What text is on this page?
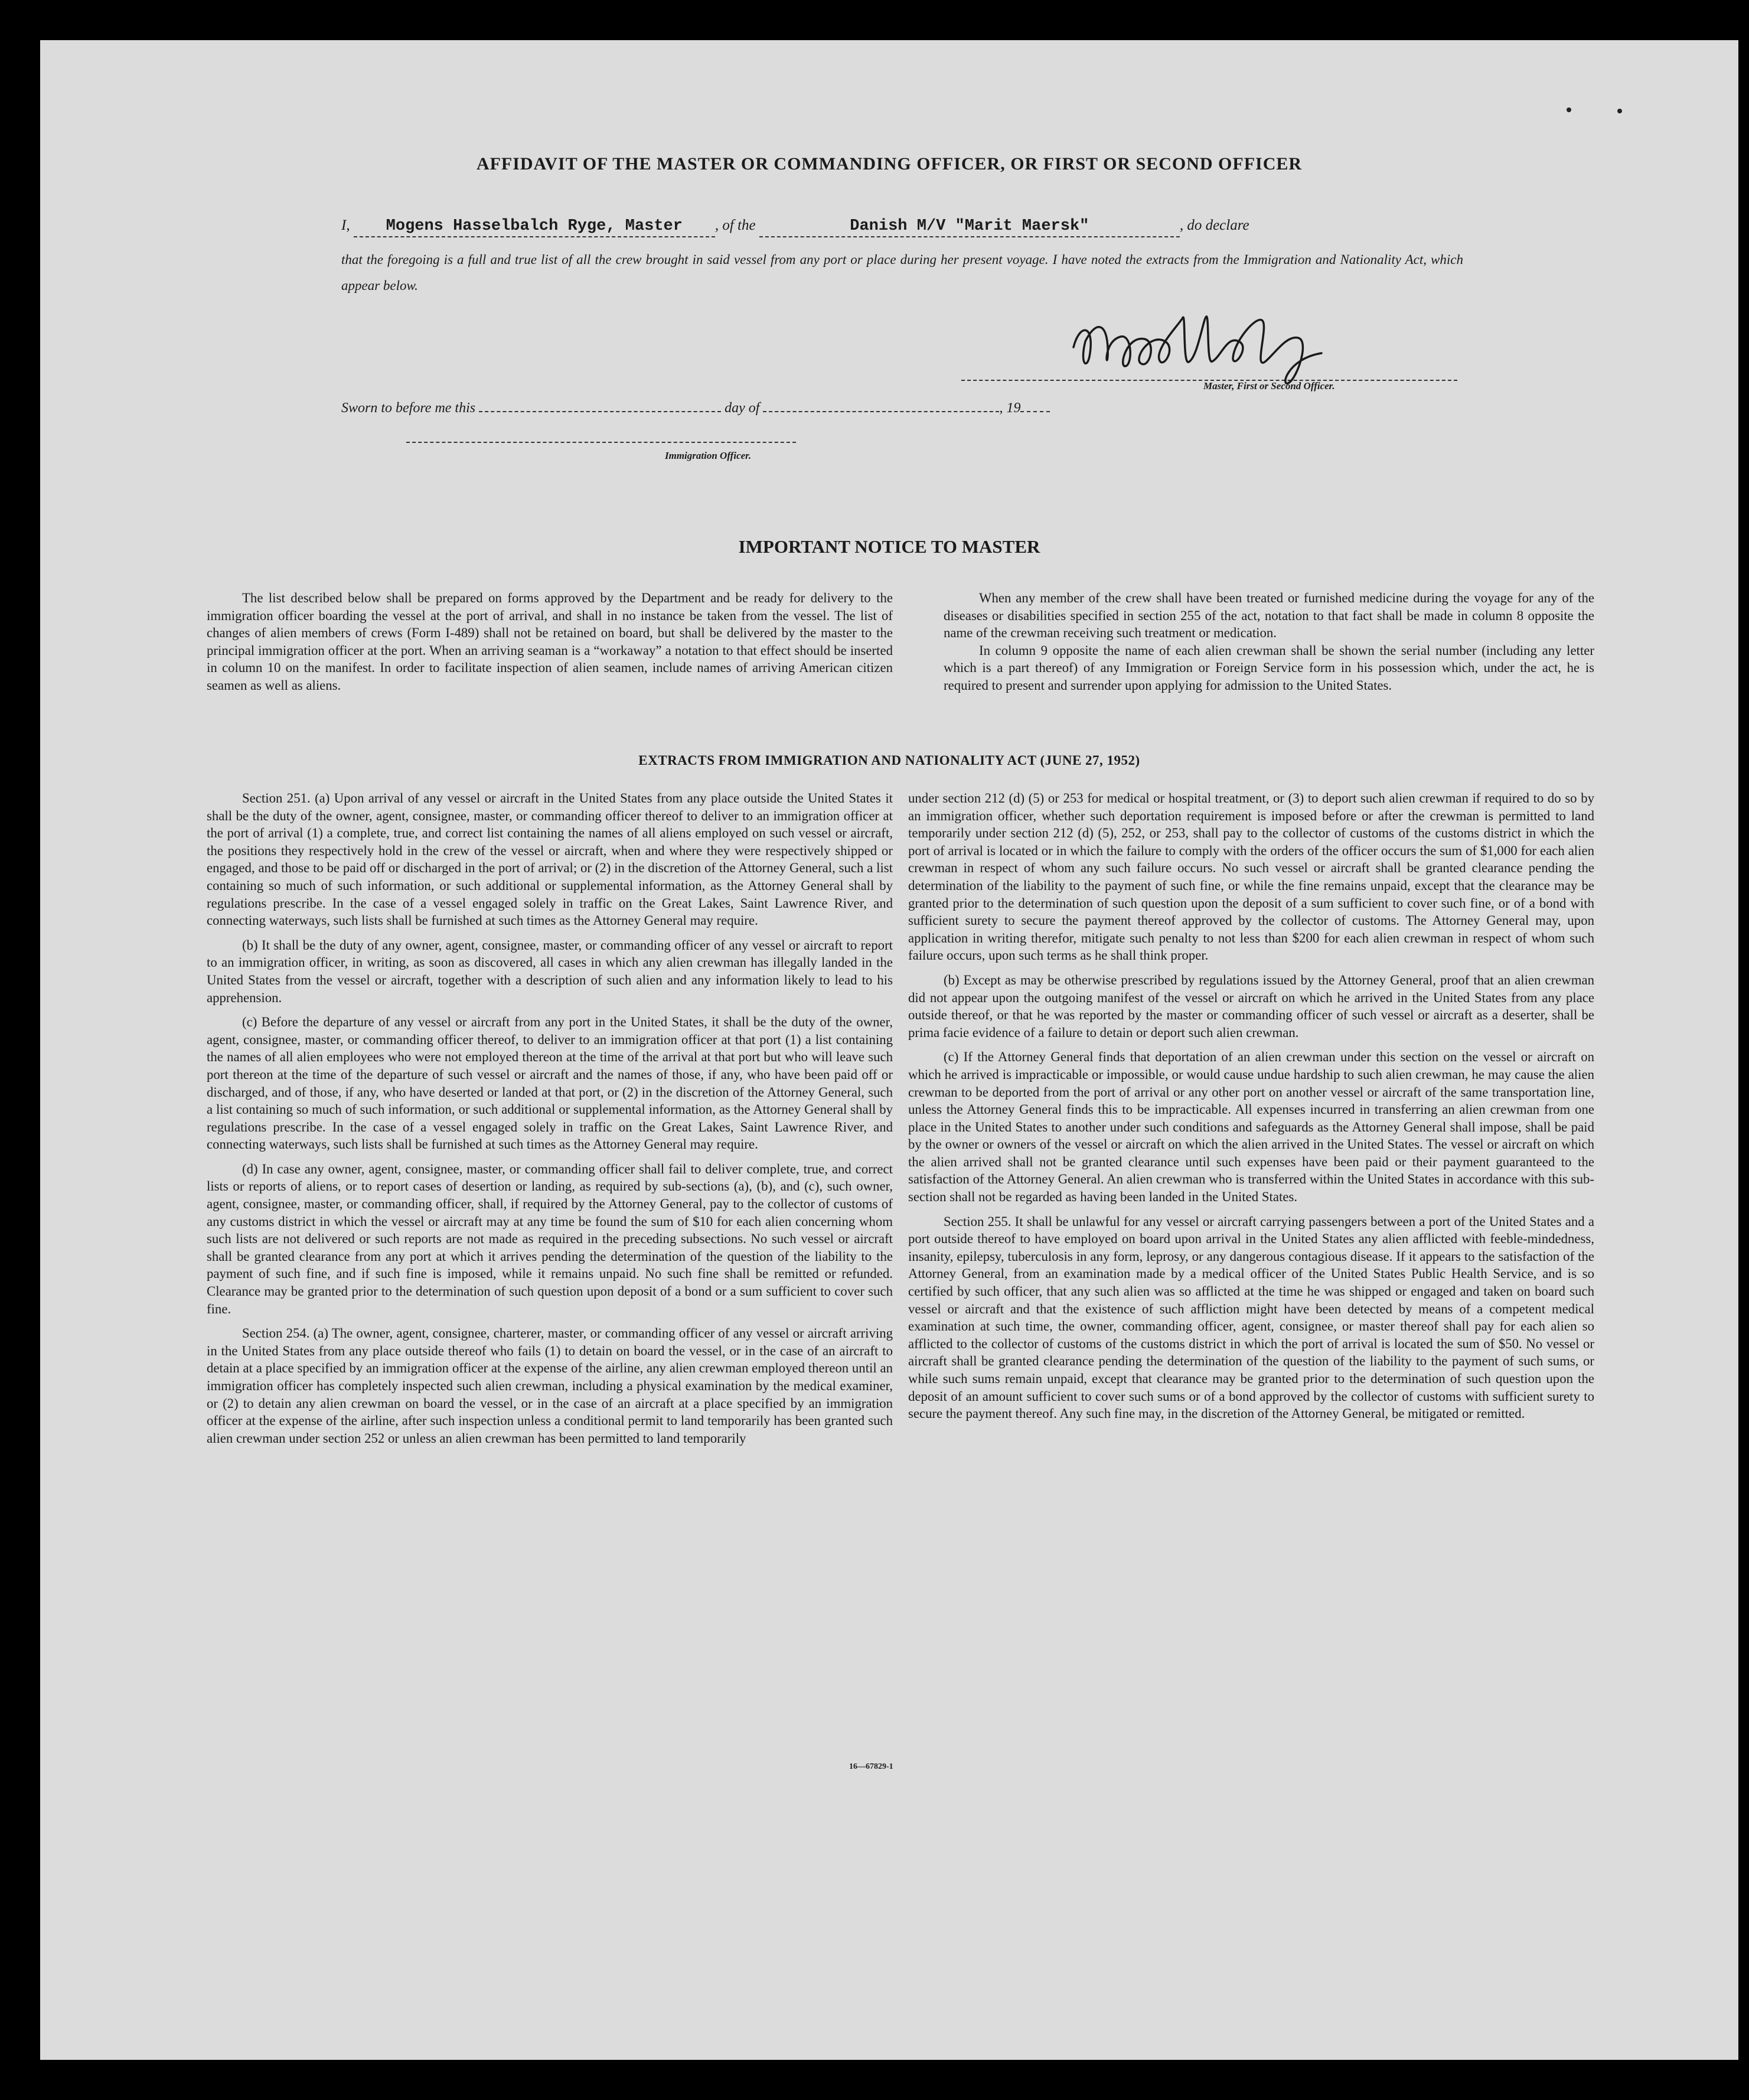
AFFIDAVIT OF THE MASTER OR COMMANDING OFFICER, OR FIRST OR SECOND OFFICER
I, Mogens Hasselbalch Ryge, Master , of the	Danish M/V "Marit Maersk"	, do declare
that the foregoing is a full and true list of all the crew brought in said vessel from any port or place during her present voyage. I have noted the extracts from the Immigration and Nationality Act, which appear below.
Master, First or Second Officer.
Sworn to before me this	day of	, 19
Immigration Officer.
IMPORTANT NOTICE TO MASTER

The list described below shall be prepared on forms approved by the Department and be ready for delivery to the immigration officer boarding the vessel at the port of arrival, and shall in no instance be taken from the vessel. The list of changes of alien members of crews (Form I-489) shall not be retained on board, but shall be delivered by the master to the principal immigration officer at the port. When an arriving seaman is a “workaway” a notation to that effect should be inserted in column 10 on the manifest. In order to facilitate inspection of alien seamen, include names of arriving American citizen seamen as well as aliens.

When any member of the crew shall have been treated or furnished medicine during the voyage for any of the diseases or disabilities specified in section 255 of the act, notation to that fact shall be made in column 8 opposite the name of the crewman receiving such treatment or medication.

In column 9 opposite the name of each alien crewman shall be shown the serial number (including any letter which is a part thereof) of any Immigration or Foreign Service form in his possession which, under the act, he is required to present and surrender upon applying for admission to the United States.

EXTRACTS FROM IMMIGRATION AND NATIONALITY ACT (JUNE 27, 1952)

Section 251. (a) Upon arrival of any vessel or aircraft in the United States from any place outside the United States it shall be the duty of the owner, agent, consignee, master, or commanding officer thereof to deliver to an immigration officer at the port of arrival (1) a complete, true, and correct list containing the names of all aliens employed on such vessel or aircraft, the positions they respectively hold in the crew of the vessel or aircraft, when and where they were respectively shipped or engaged, and those to be paid off or discharged in the port of arrival; or (2) in the discretion of the Attorney General, such a list containing so much of such information, or such additional or supplemental information, as the Attorney General shall by regulations prescribe. In the case of a vessel engaged solely in traffic on the Great Lakes, Saint Lawrence River, and connecting waterways, such lists shall be furnished at such times as the Attorney General may require.

(b) It shall be the duty of any owner, agent, consignee, master, or commanding officer of any vessel or aircraft to report to an immigration officer, in writing, as soon as discovered, all cases in which any alien crewman has illegally landed in the United States from the vessel or aircraft, together with a description of such alien and any information likely to lead to his apprehension.

(c) Before the departure of any vessel or aircraft from any port in the United States, it shall be the duty of the owner, agent, consignee, master, or commanding officer thereof, to deliver to an immigration officer at that port (1) a list containing the names of all alien employees who were not employed thereon at the time of the arrival at that port but who will leave such port thereon at the time of the departure of such vessel or aircraft and the names of those, if any, who have been paid off or discharged, and of those, if any, who have deserted or landed at that port, or (2) in the discretion of the Attorney General, such a list containing so much of such information, or such additional or supplemental information, as the Attorney General shall by regulations prescribe. In the case of a vessel engaged solely in traffic on the Great Lakes, Saint Lawrence River, and connecting waterways, such lists shall be furnished at such times as the Attorney General may require.

(d) In case any owner, agent, consignee, master, or commanding officer shall fail to deliver complete, true, and correct lists or reports of aliens, or to report cases of desertion or landing, as required by sub-sections (a), (b), and (c), such owner, agent, consignee, master, or commanding officer, shall, if required by the Attorney General, pay to the collector of customs of any customs district in which the vessel or aircraft may at any time be found the sum of $10 for each alien concerning whom such lists are not delivered or such reports are not made as required in the preceding subsections. No such vessel or aircraft shall be granted clearance from any port at which it arrives pending the determination of the question of the liability to the payment of such fine, and if such fine is imposed, while it remains unpaid. No such fine shall be remitted or refunded. Clearance may be granted prior to the determination of such question upon deposit of a bond or a sum sufficient to cover such fine.

Section 254. (a) The owner, agent, consignee, charterer, master, or commanding officer of any vessel or aircraft arriving in the United States from any place outside thereof who fails (1) to detain on board the vessel, or in the case of an aircraft to detain at a place specified by an immigration officer at the expense of the airline, any alien crewman employed thereon until an immigration officer has completely inspected such alien crewman, including a physical examination by the medical examiner, or (2) to detain any alien crewman on board the vessel, or in the case of an aircraft at a place specified by an immigration officer at the expense of the airline, after such inspection unless a conditional permit to land temporarily has been granted such alien crewman under section 252 or unless an alien crewman has been permitted to land temporarily

under section 212 (d) (5) or 253 for medical or hospital treatment, or (3) to deport such alien crewman if required to do so by an immigration officer, whether such deportation requirement is imposed before or after the crewman is permitted to land temporarily under section 212 (d) (5), 252, or 253, shall pay to the collector of customs of the customs district in which the port of arrival is located or in which the failure to comply with the orders of the officer occurs the sum of $1,000 for each alien crewman in respect of whom any such failure occurs. No such vessel or aircraft shall be granted clearance pending the determination of the liability to the payment of such fine, or while the fine remains unpaid, except that the clearance may be granted prior to the determination of such question upon the deposit of a sum sufficient to cover such fine, or of a bond with sufficient surety to secure the payment thereof approved by the collector of customs. The Attorney General may, upon application in writing therefor, mitigate such penalty to not less than $200 for each alien crewman in respect of whom such failure occurs, upon such terms as he shall think proper.

(b) Except as may be otherwise prescribed by regulations issued by the Attorney General, proof that an alien crewman did not appear upon the outgoing manifest of the vessel or aircraft on which he arrived in the United States from any place outside thereof, or that he was reported by the master or commanding officer of such vessel or aircraft as a deserter, shall be prima facie evidence of a failure to detain or deport such alien crewman.

(c) If the Attorney General finds that deportation of an alien crewman under this section on the vessel or aircraft on which he arrived is impracticable or impossible, or would cause undue hardship to such alien crewman, he may cause the alien crewman to be deported from the port of arrival or any other port on another vessel or aircraft of the same transportation line, unless the Attorney General finds this to be impracticable. All expenses incurred in transferring an alien crewman from one place in the United States to another under such conditions and safeguards as the Attorney General shall impose, shall be paid by the owner or owners of the vessel or aircraft on which the alien arrived in the United States. The vessel or aircraft on which the alien arrived shall not be granted clearance until such expenses have been paid or their payment guaranteed to the satisfaction of the Attorney General. An alien crewman who is transferred within the United States in accordance with this sub-section shall not be regarded as having been landed in the United States.

Section 255. It shall be unlawful for any vessel or aircraft carrying passengers between a port of the United States and a port outside thereof to have employed on board upon arrival in the United States any alien afflicted with feeble-mindedness, insanity, epilepsy, tuberculosis in any form, leprosy, or any dangerous contagious disease. If it appears to the satisfaction of the Attorney General, from an examination made by a medical officer of the United States Public Health Service, and is so certified by such officer, that any such alien was so afflicted at the time he was shipped or engaged and taken on board such vessel or aircraft and that the existence of such affliction might have been detected by means of a competent medical examination at such time, the owner, commanding officer, agent, consignee, or master thereof shall pay for each alien so afflicted to the collector of customs of the customs district in which the port of arrival is located the sum of $50. No vessel or aircraft shall be granted clearance pending the determination of the question of the liability to the payment of such sums, or while such sums remain unpaid, except that clearance may be granted prior to the determination of such question upon the deposit of an amount sufficient to cover such sums or of a bond approved by the collector of customs with sufficient surety to secure the payment thereof. Any such fine may, in the discretion of the Attorney General, be mitigated or remitted.

16—67829-1
